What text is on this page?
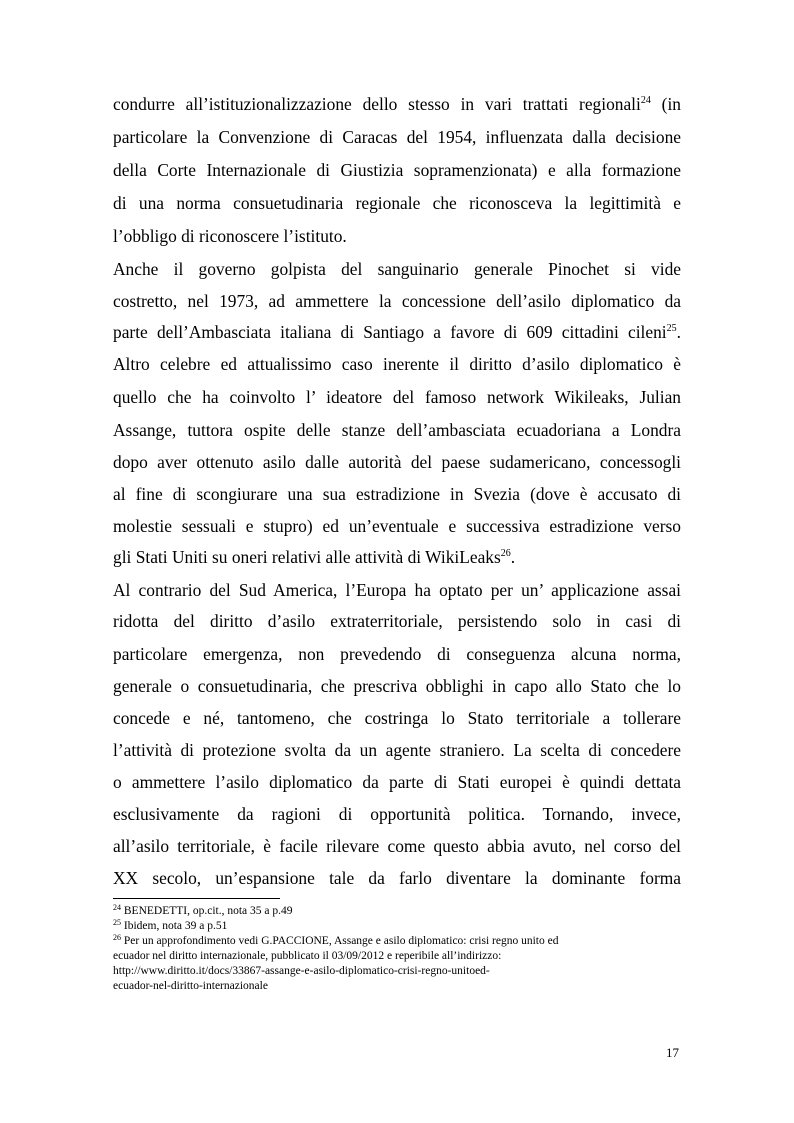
condurre all’istituzionalizzazione dello stesso in vari trattati regionali$^{24}$ (in
particolare la Convenzione di Caracas del 1954, influenzata dalla decisione
della Corte Internazionale di Giustizia sopramenzionata) e alla formazione
di una norma consuetudinaria regionale che riconosceva la legittimità e
l’obbligo di riconoscere l’istituto.
Anche il governo golpista del sanguinario generale Pinochet si vide
costretto, nel 1973, ad ammettere la concessione dell’asilo diplomatico da
parte dell’Ambasciata italiana di Santiago a favore di 609 cittadini cileni$^{25}$.
Altro celebre ed attualissimo caso inerente il diritto d’asilo diplomatico è
quello che ha coinvolto l’ ideatore del famoso network Wikileaks, Julian
Assange, tuttora ospite delle stanze dell’ambasciata ecuadoriana a Londra
dopo aver ottenuto asilo dalle autorità del paese sudamericano, concessogli
al fine di scongiurare una sua estradizione in Svezia (dove è accusato di
molestie sessuali e stupro) ed un’eventuale e successiva estradizione verso
gli Stati Uniti su oneri relativi alle attività di WikiLeaks$^{26}$.
Al contrario del Sud America, l’Europa ha optato per un’ applicazione assai
ridotta del diritto d’asilo extraterritoriale, persistendo solo in casi di
particolare emergenza, non prevedendo di conseguenza alcuna norma,
generale o consuetudinaria, che prescriva obblighi in capo allo Stato che lo
concede e né, tantomeno, che costringa lo Stato territoriale a tollerare
l’attività di protezione svolta da un agente straniero. La scelta di concedere
o ammettere l’asilo diplomatico da parte di Stati europei è quindi dettata
esclusivamente da ragioni di opportunità politica. Tornando, invece,
all’asilo territoriale, è facile rilevare come questo abbia avuto, nel corso del
XX secolo, un’espansione tale da farlo diventare la dominante forma
$^{24}$ BENEDETTI, op.cit., nota 35 a p.49
$^{25}$ Ibidem, nota 39 a p.51
$^{26}$ Per un approfondimento vedi G.PACCIONE, Assange e asilo diplomatico: crisi regno unito ed
ecuador nel diritto internazionale, pubblicato il 03/09/2012 e reperibile all’indirizzo:
http://www.diritto.it/docs/33867-assange-e-asilo-diplomatico-crisi-regno-unitoed-
ecuador-nel-diritto-internazionale
17
